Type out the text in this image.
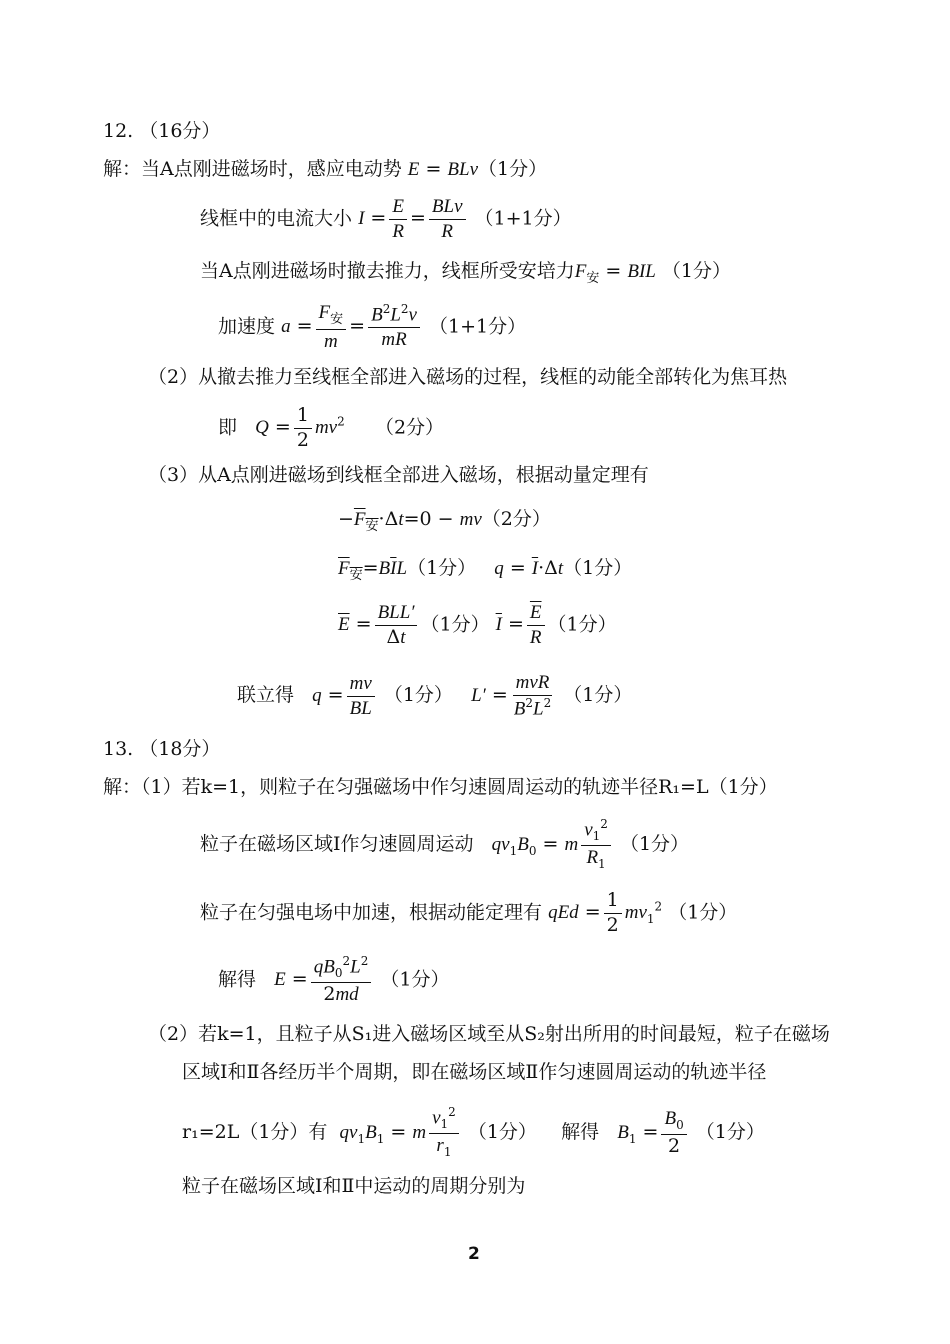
12. （16分）
解：当A点刚进磁场时，感应电动势 E = BLv（1分）
线框中的电流大小 $I = \frac{E}{R} = \frac{\text{BLv}}{R} (1+1$分）
当A点刚进磁场时撤去推力，线框所受安培力$F_安$ = BIL （1分）
加速度 $a = \frac{F_安}{m} = \frac{B^2L^2v}{mR} (1+1$分）
（2）从撤去推力至线框全部进入磁场的过程，线框的动能全部转化为焦耳热
即 $Q = \frac{1}{2} mv^2$ （2分）
（3）从A点刚进磁场到线框全部进入磁场，根据动量定理有
$-F_安\cdot\Delta t=0 - mv(2$分）
$F_安=B\overline{I}L(1$分） $q = \overline{I}\cdot\Delta t(1$分）
$\overline{E} = \frac{\text{BLL′}}{\Delta t} (1$分） $\overline{I} = \frac{\overline{E}}{R} (1$分）
联立得 $q = \frac{mv}{BL} (1$分） $L' = \frac{\text{mvR}}{B^2L^2} (1$分）
13. （18分）
解：（1）若k=1，则粒子在匀强磁场中作匀速圆周运动的轨迹半径R₁=L（1分）
粒子在磁场区域Ⅰ作匀速圆周运动 $qv_1B_0 = m \frac{v_1^2}{R_1} (1$分）
粒子在匀强电场中加速，根据动能定理有 qEd = $\frac{1}{2} mv_1^2$ （1分）
解得 $E = \frac{qB_0^2L^2}{2md} (1$分）
（2）若k=1，且粒子从S₁进入磁场区域至从S₂射出所用的时间最短，粒子在磁场
区域Ⅰ和Ⅱ各经历半个周期，即在磁场区域Ⅱ作匀速圆周运动的轨迹半径
r₁=2L（1分）有 $qv_1B_1 = m \frac{v_1^2}{r_1} (1$分） 解得 $B_1 = \frac{B_0}{2} (1$分）
粒子在磁场区域Ⅰ和Ⅱ中运动的周期分别为
2
